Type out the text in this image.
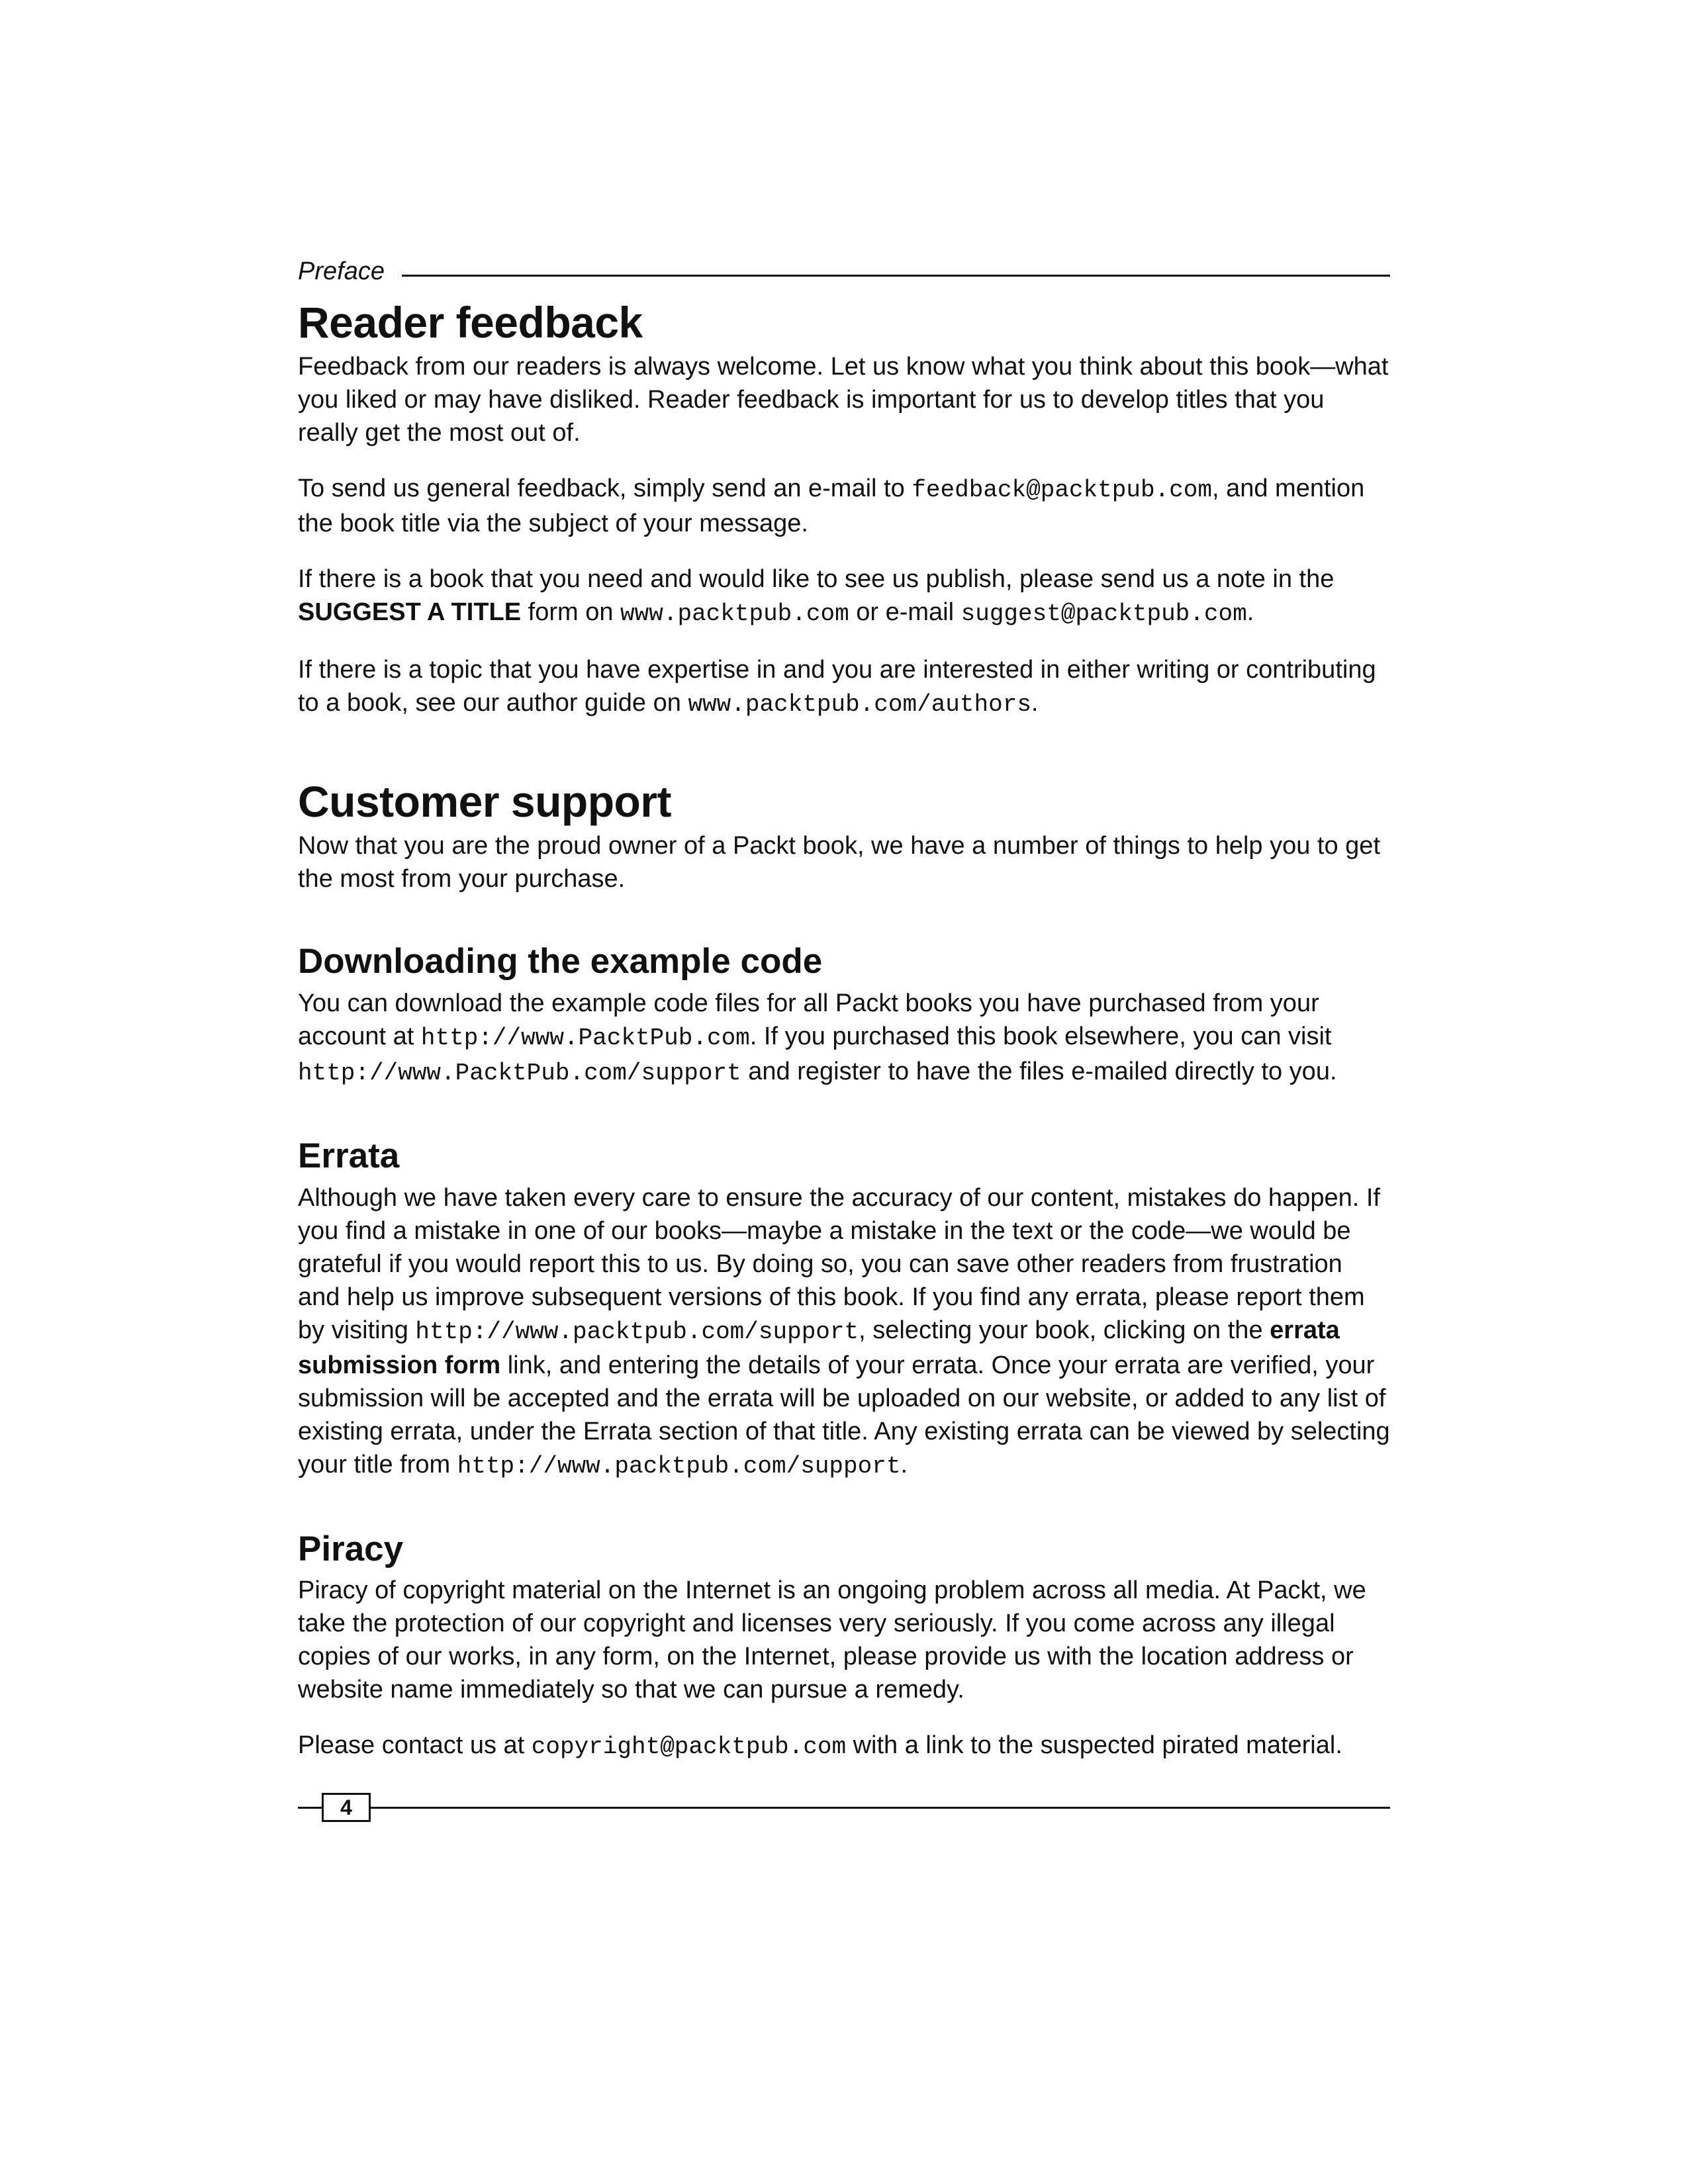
Preface
Reader feedback

Feedback from our readers is always welcome. Let us know what you think about this book—what you liked or may have disliked. Reader feedback is important for us to develop titles that you really get the most out of.

To send us general feedback, simply send an e-mail to feedback@packtpub.com, and mention the book title via the subject of your message.

If there is a book that you need and would like to see us publish, please send us a note in the SUGGEST A TITLE form on www.packtpub.com or e-mail suggest@packtpub.com.

If there is a topic that you have expertise in and you are interested in either writing or contributing to a book, see our author guide on www.packtpub.com/authors.

Customer support

Now that you are the proud owner of a Packt book, we have a number of things to help you to get the most from your purchase.

Downloading the example code

You can download the example code files for all Packt books you have purchased from your account at http://www.PacktPub.com. If you purchased this book elsewhere, you can visit http://www.PacktPub.com/support and register to have the files e-mailed directly to you.

Errata

Although we have taken every care to ensure the accuracy of our content, mistakes do happen. If you find a mistake in one of our books—maybe a mistake in the text or the code—we would be grateful if you would report this to us. By doing so, you can save other readers from frustration and help us improve subsequent versions of this book. If you find any errata, please report them by visiting http://www.packtpub.com/support, selecting your book, clicking on the errata submission form link, and entering the details of your errata. Once your errata are verified, your submission will be accepted and the errata will be uploaded on our website, or added to any list of existing errata, under the Errata section of that title. Any existing errata can be viewed by selecting your title from http://www.packtpub.com/support.

Piracy

Piracy of copyright material on the Internet is an ongoing problem across all media. At Packt, we take the protection of our copyright and licenses very seriously. If you come across any illegal copies of our works, in any form, on the Internet, please provide us with the location address or website name immediately so that we can pursue a remedy.

Please contact us at copyright@packtpub.com with a link to the suspected pirated material.

4
